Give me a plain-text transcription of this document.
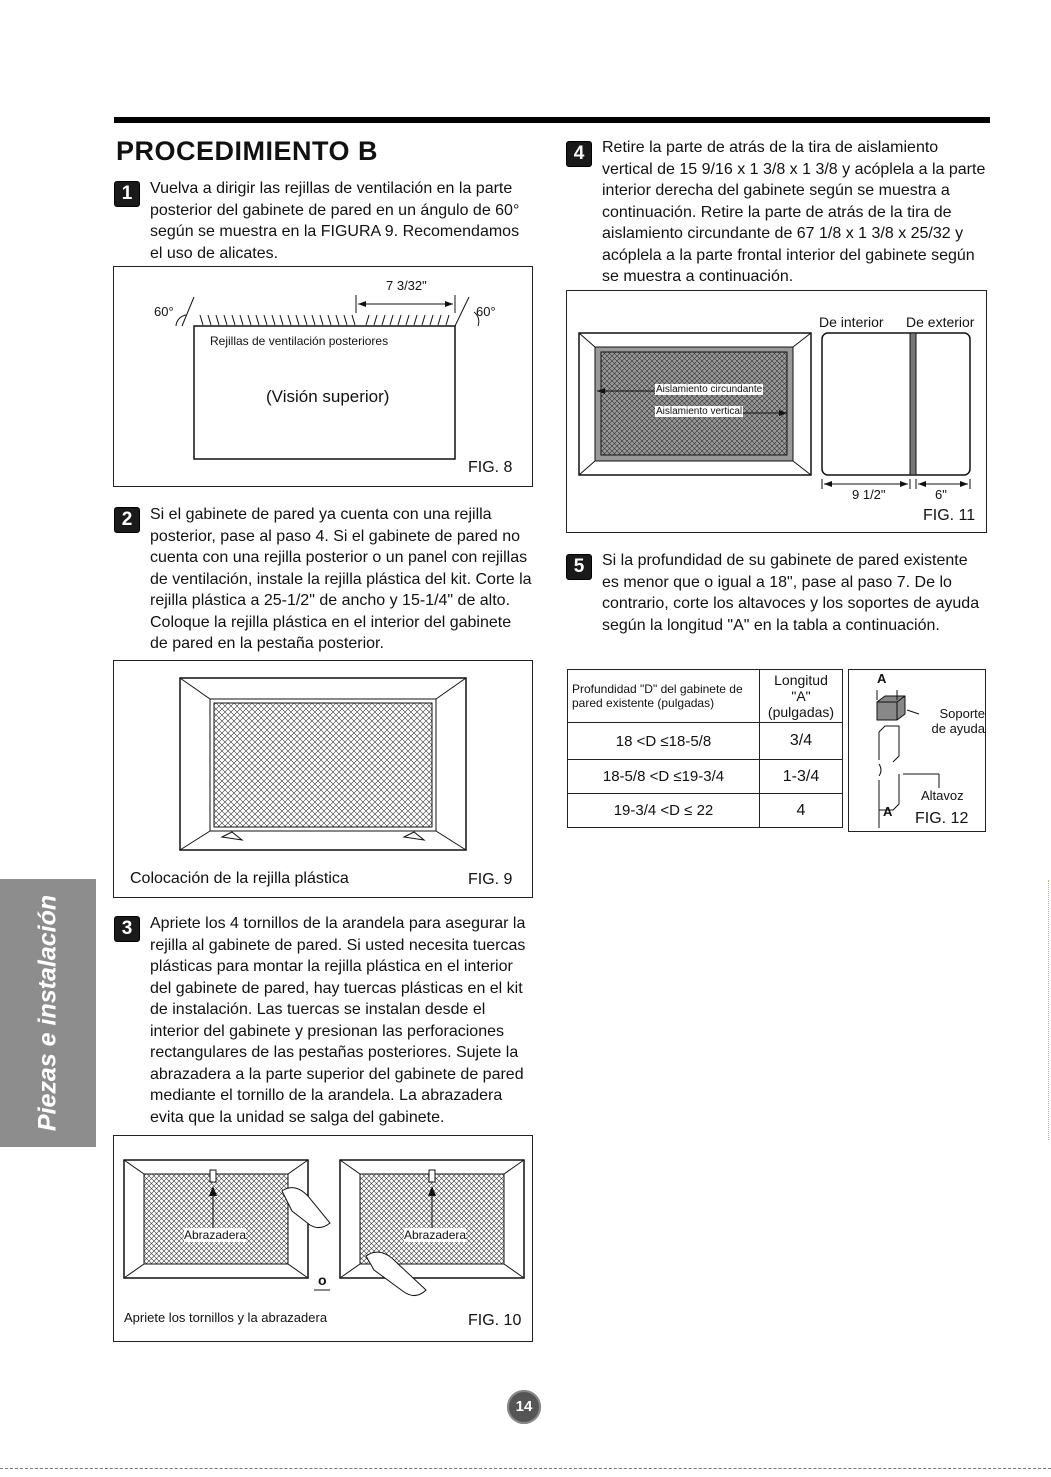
PROCEDIMIENTO B
1	Vuelva a dirigir las rejillas de ventilación en la parte posterior del gabinete de pared en un ángulo de 60° según se muestra en la FIGURA 9. Recomendamos el uso de alicates.
60°	60°
7 3/32"
Rejillas de ventilación posteriores
(Visión superior)
FIG. 8
2	Si el gabinete de pared ya cuenta con una rejilla posterior, pase al paso 4. Si el gabinete de pared no cuenta con una rejilla posterior o un panel con rejillas de ventilación, instale la rejilla plástica del kit. Corte la rejilla plástica a 25-1/2" de ancho y 15-1/4" de alto. Coloque la rejilla plástica en el interior del gabinete de pared en la pestaña posterior.
Colocación de la rejilla plástica	FIG. 9
3	Apriete los 4 tornillos de la arandela para asegurar la rejilla al gabinete de pared. Si usted necesita tuercas plásticas para montar la rejilla plástica en el interior del gabinete de pared, hay tuercas plásticas en el kit de instalación. Las tuercas se instalan desde el interior del gabinete y presionan las perforaciones rectangulares de las pestañas posteriores. Sujete la abrazadera a la parte superior del gabinete de pared mediante el tornillo de la arandela. La abrazadera evita que la unidad se salga del gabinete.
Abrazadera	Abrazadera
o
Apriete los tornillos y la abrazadera	FIG. 10
4	Retire la parte de atrás de la tira de aislamiento vertical de 15 9/16 x 1 3/8 x 1 3/8 y acóplela a la parte interior derecha del gabinete según se muestra a continuación. Retire la parte de atrás de la tira de aislamiento circundante de 67 1/8 x 1 3/8 x 25/32 y acóplela a la parte frontal interior del gabinete según se muestra a continuación.
De interior De exterior
Aislamiento circundante
Aislamiento vertical
9 1/2"	6"
FIG. 11
5	Si la profundidad de su gabinete de pared existente es menor que o igual a 18", pase al paso 7. De lo contrario, corte los altavoces y los soportes de ayuda según la longitud "A" en la tabla a continuación.
Profundidad "D" del gabinete de pared existente (pulgadas)	Longitud "A" (pulgadas)
18 <D ≤18-5/8	3/4
18-5/8 <D ≤19-3/4	1-3/4
19-3/4 <D ≤ 22	4
A
Soporte de ayuda
Altavoz
A FIG. 12
Piezas e instalación
14
